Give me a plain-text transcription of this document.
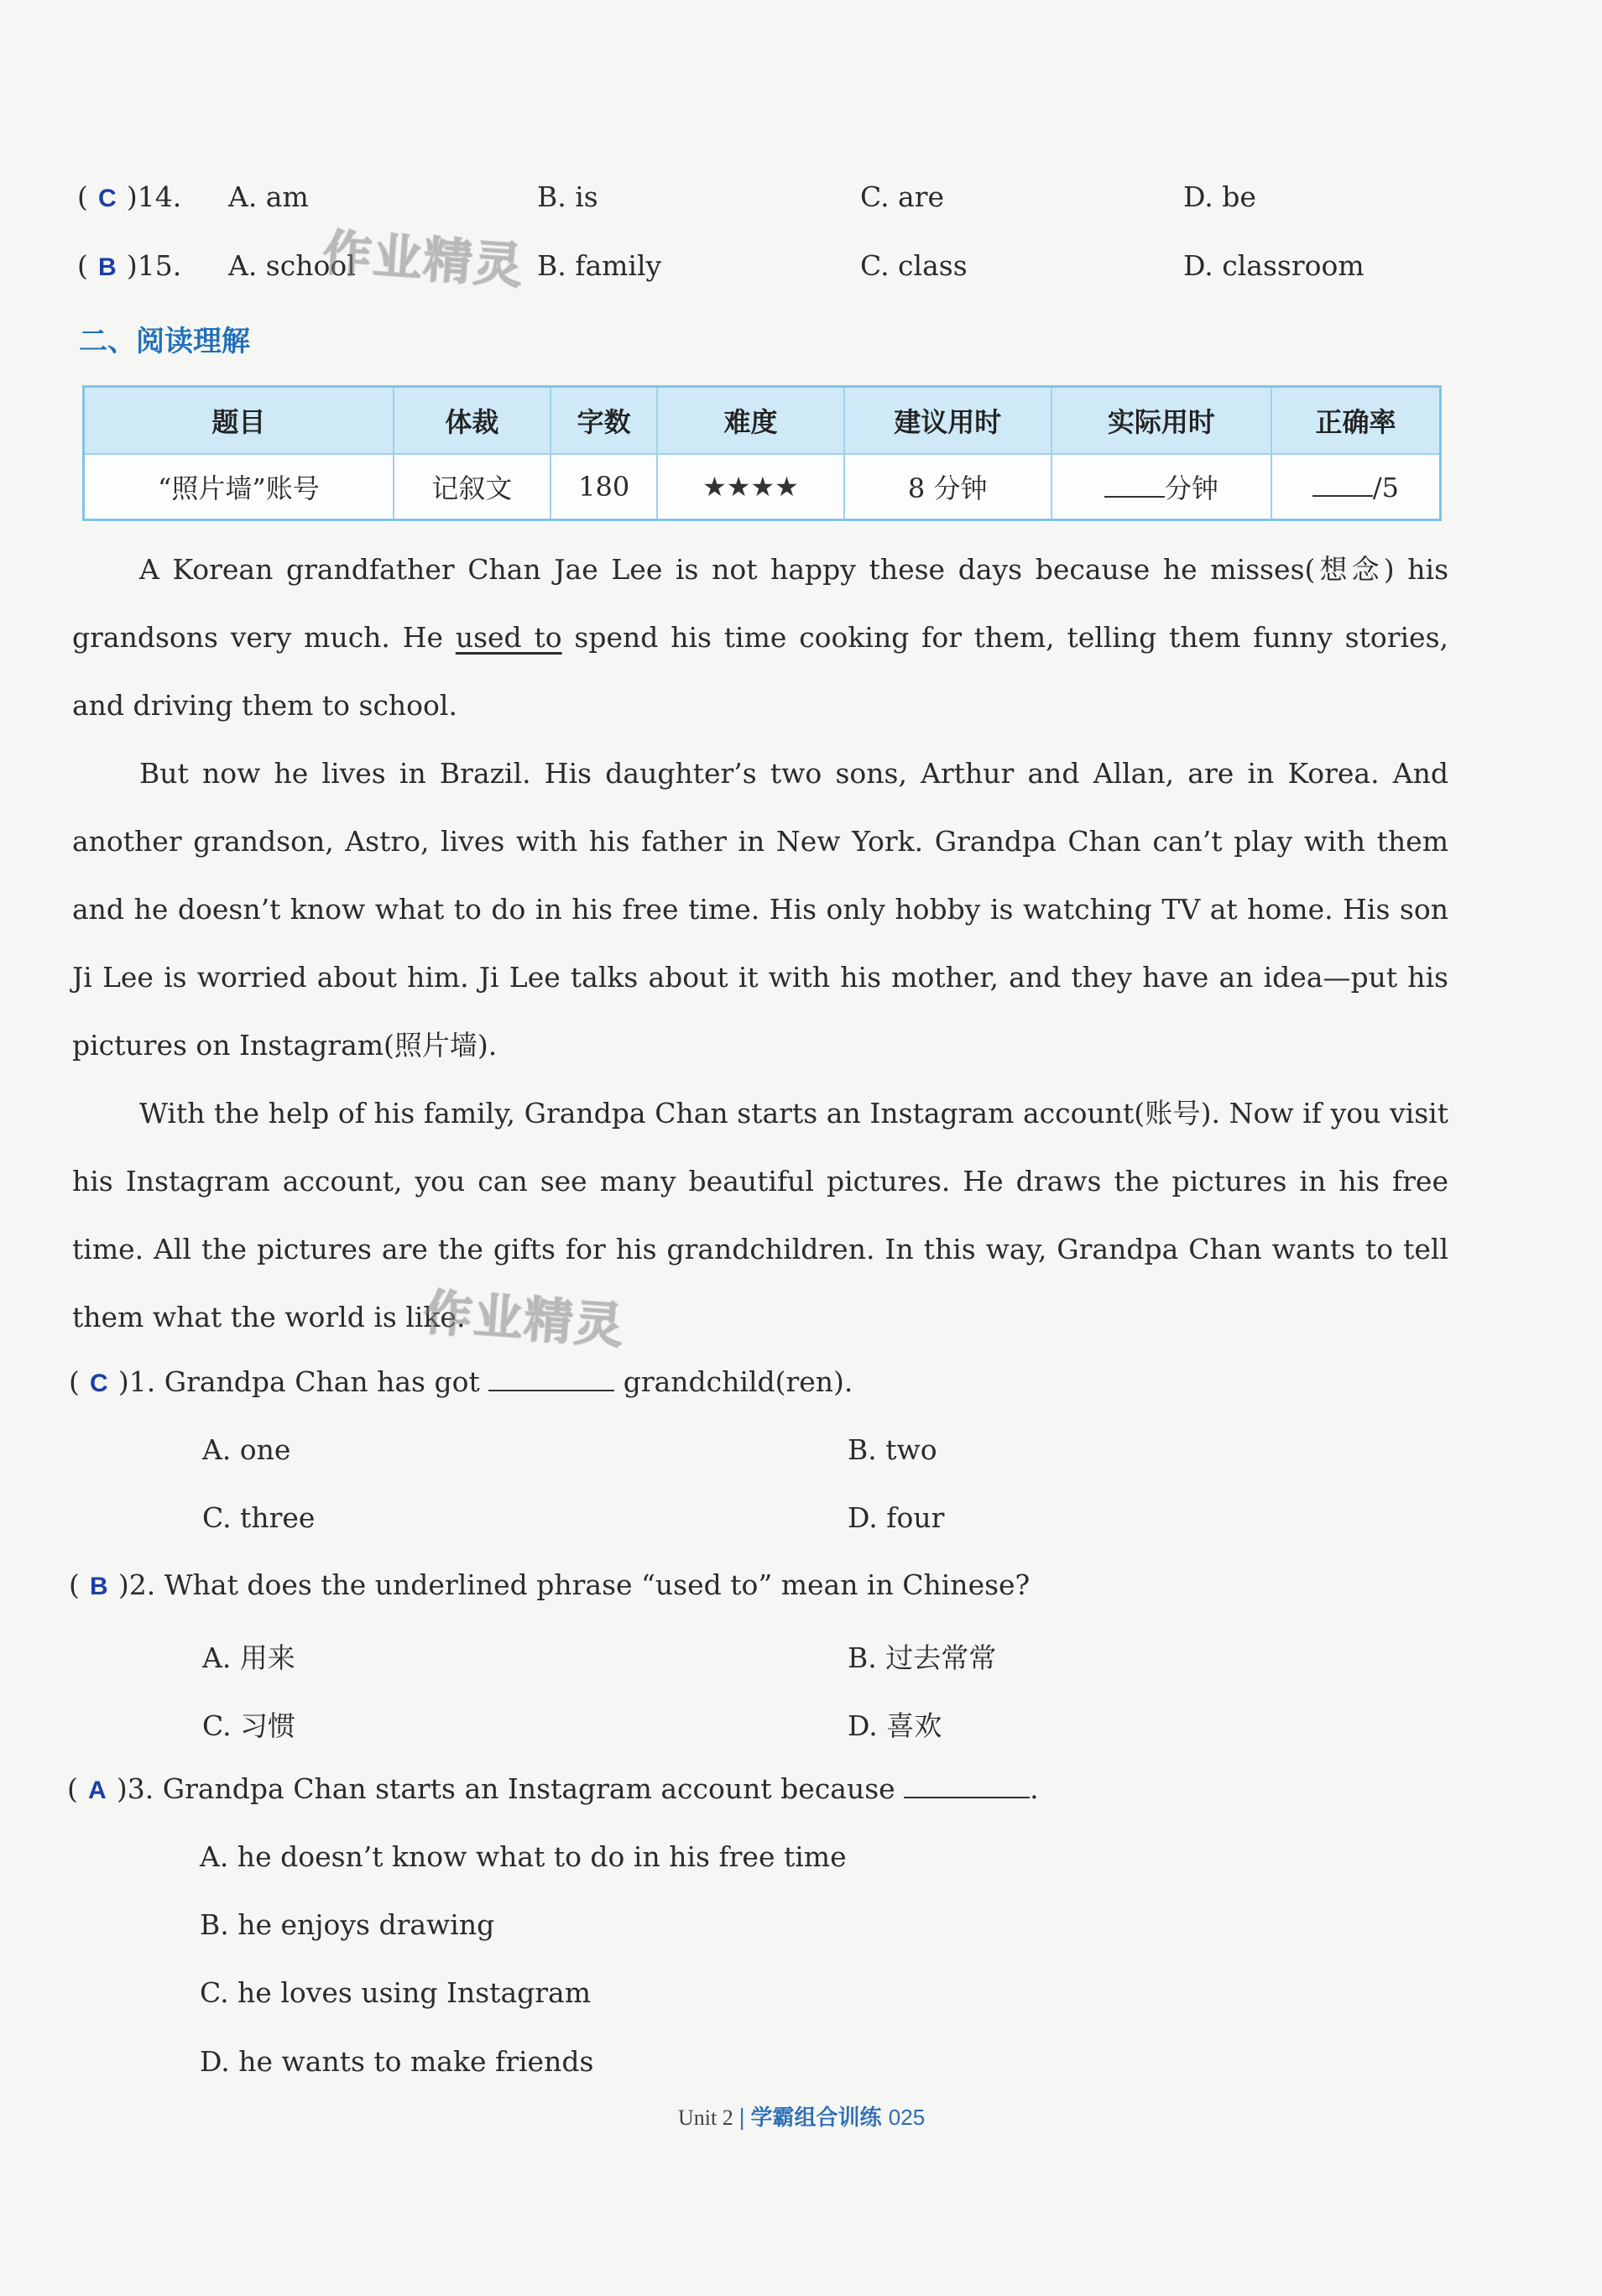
( C )14. A. am	B. is	C. are	D. be
( B )15. A. school	B. family	C. class	D. classroom
作业精灵
二、阅读理解
题目	体裁	字数	难度	建议用时	实际用时	正确率
“照片墙”账号	记叙文	180	★★★★	8 分钟	分钟	/5
A Korean grandfather Chan Jae Lee is not happy these days because he misses(想念) his grandsons very much. He used to spend his time cooking for them, telling them funny stories, and driving them to school.
But now he lives in Brazil. His daughter’s two sons, Arthur and Allan, are in Korea. And another grandson, Astro, lives with his father in New York. Grandpa Chan can’t play with them and he doesn’t know what to do in his free time. His only hobby is watching TV at home. His son Ji Lee is worried about him. Ji Lee talks about it with his mother, and they have an idea—put his pictures on Instagram(照片墙).
With the help of his family, Grandpa Chan starts an Instagram account(账号). Now if you visit his Instagram account, you can see many beautiful pictures. He draws the pictures in his free time. All the pictures are the gifts for his grandchildren. In this way, Grandpa Chan wants to tell them what the world is like.
作业精灵
( C )1. Grandpa Chan has got	grandchild(ren).
A. one	B. two
C. three	D. four
( B )2. What does the underlined phrase “used to” mean in Chinese?
A. 用来	B. 过去常常
C. 习惯	D. 喜欢
( A )3. Grandpa Chan starts an Instagram account because	.
A. he doesn’t know what to do in his free time
B. he enjoys drawing
C. he loves using Instagram
D. he wants to make friends
Unit 2 | 学霸组合训练 025
